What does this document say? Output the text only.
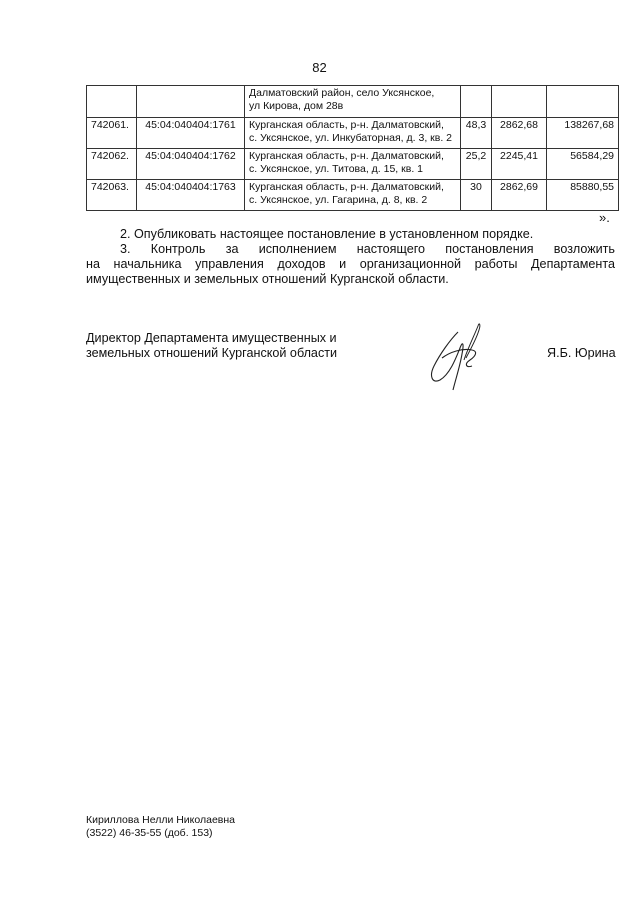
82

		Далматовский район, село Уксянское,
ул Кирова, дом 28в			

742061.	45:04:040404:1761	Курганская область, р-н. Далматовский,
с. Уксянское, ул. Инкубаторная, д. 3, кв. 2	48,3	2862,68	138267,68
742062.	45:04:040404:1762	Курганская область, р-н. Далматовский,
с. Уксянское, ул. Титова, д. 15, кв. 1	25,2	2245,41	56584,29
742063.	45:04:040404:1763	Курганская область, р-н. Далматовский,
с. Уксянское, ул. Гагарина, д. 8, кв. 2	30	2862,69	85880,55
».
2. Опубликовать настоящее постановление в установленном порядке.
3. Контроль за исполнением настоящего постановления возложить
на начальника управления доходов и организационной работы Департамента
имущественных и земельных отношений Курганской области.
Директор Департамента имущественных и
земельных отношений Курганской области	Я.Б. Юрина
Кириллова Нелли Николаевна
(3522) 46-35-55 (доб. 153)
